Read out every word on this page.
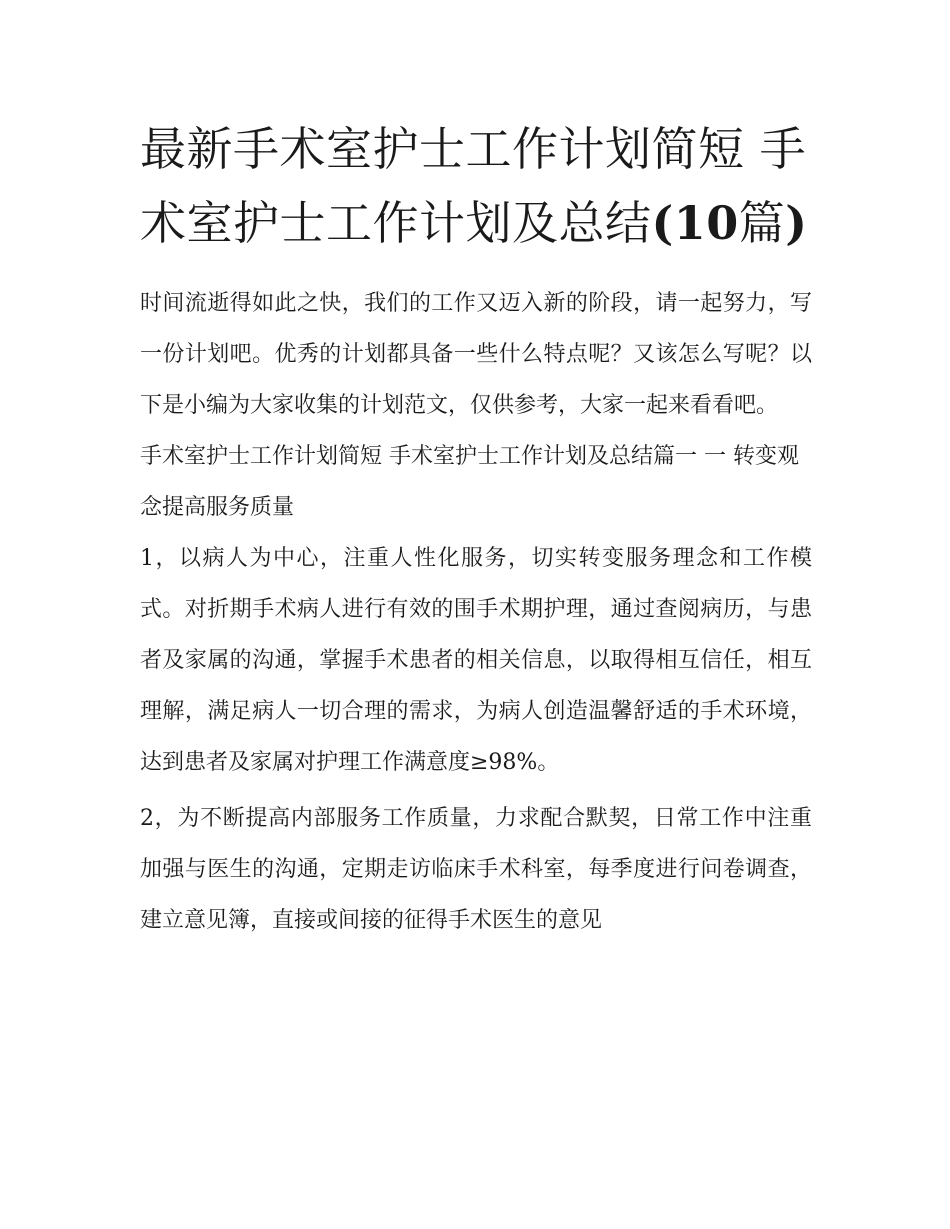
最新手术室护士工作计划简短 手术室护士工作计划及总结(10篇)

时间流逝得如此之快，我们的工作又迈入新的阶段，请一起努力，写一份计划吧。优秀的计划都具备一些什么特点呢？又该怎么写呢？以下是小编为大家收集的计划范文，仅供参考，大家一起来看看吧。

手术室护士工作计划简短 手术室护士工作计划及总结篇一 一 转变观念提高服务质量

1，以病人为中心，注重人性化服务，切实转变服务理念和工作模式。对折期手术病人进行有效的围手术期护理，通过查阅病历，与患者及家属的沟通，掌握手术患者的相关信息，以取得相互信任，相互理解，满足病人一切合理的需求，为病人创造温馨舒适的手术环境，达到患者及家属对护理工作满意度≥98%。

2，为不断提高内部服务工作质量，力求配合默契，日常工作中注重加强与医生的沟通，定期走访临床手术科室，每季度进行问卷调查，建立意见簿，直接或间接的征得手术医生的意见
